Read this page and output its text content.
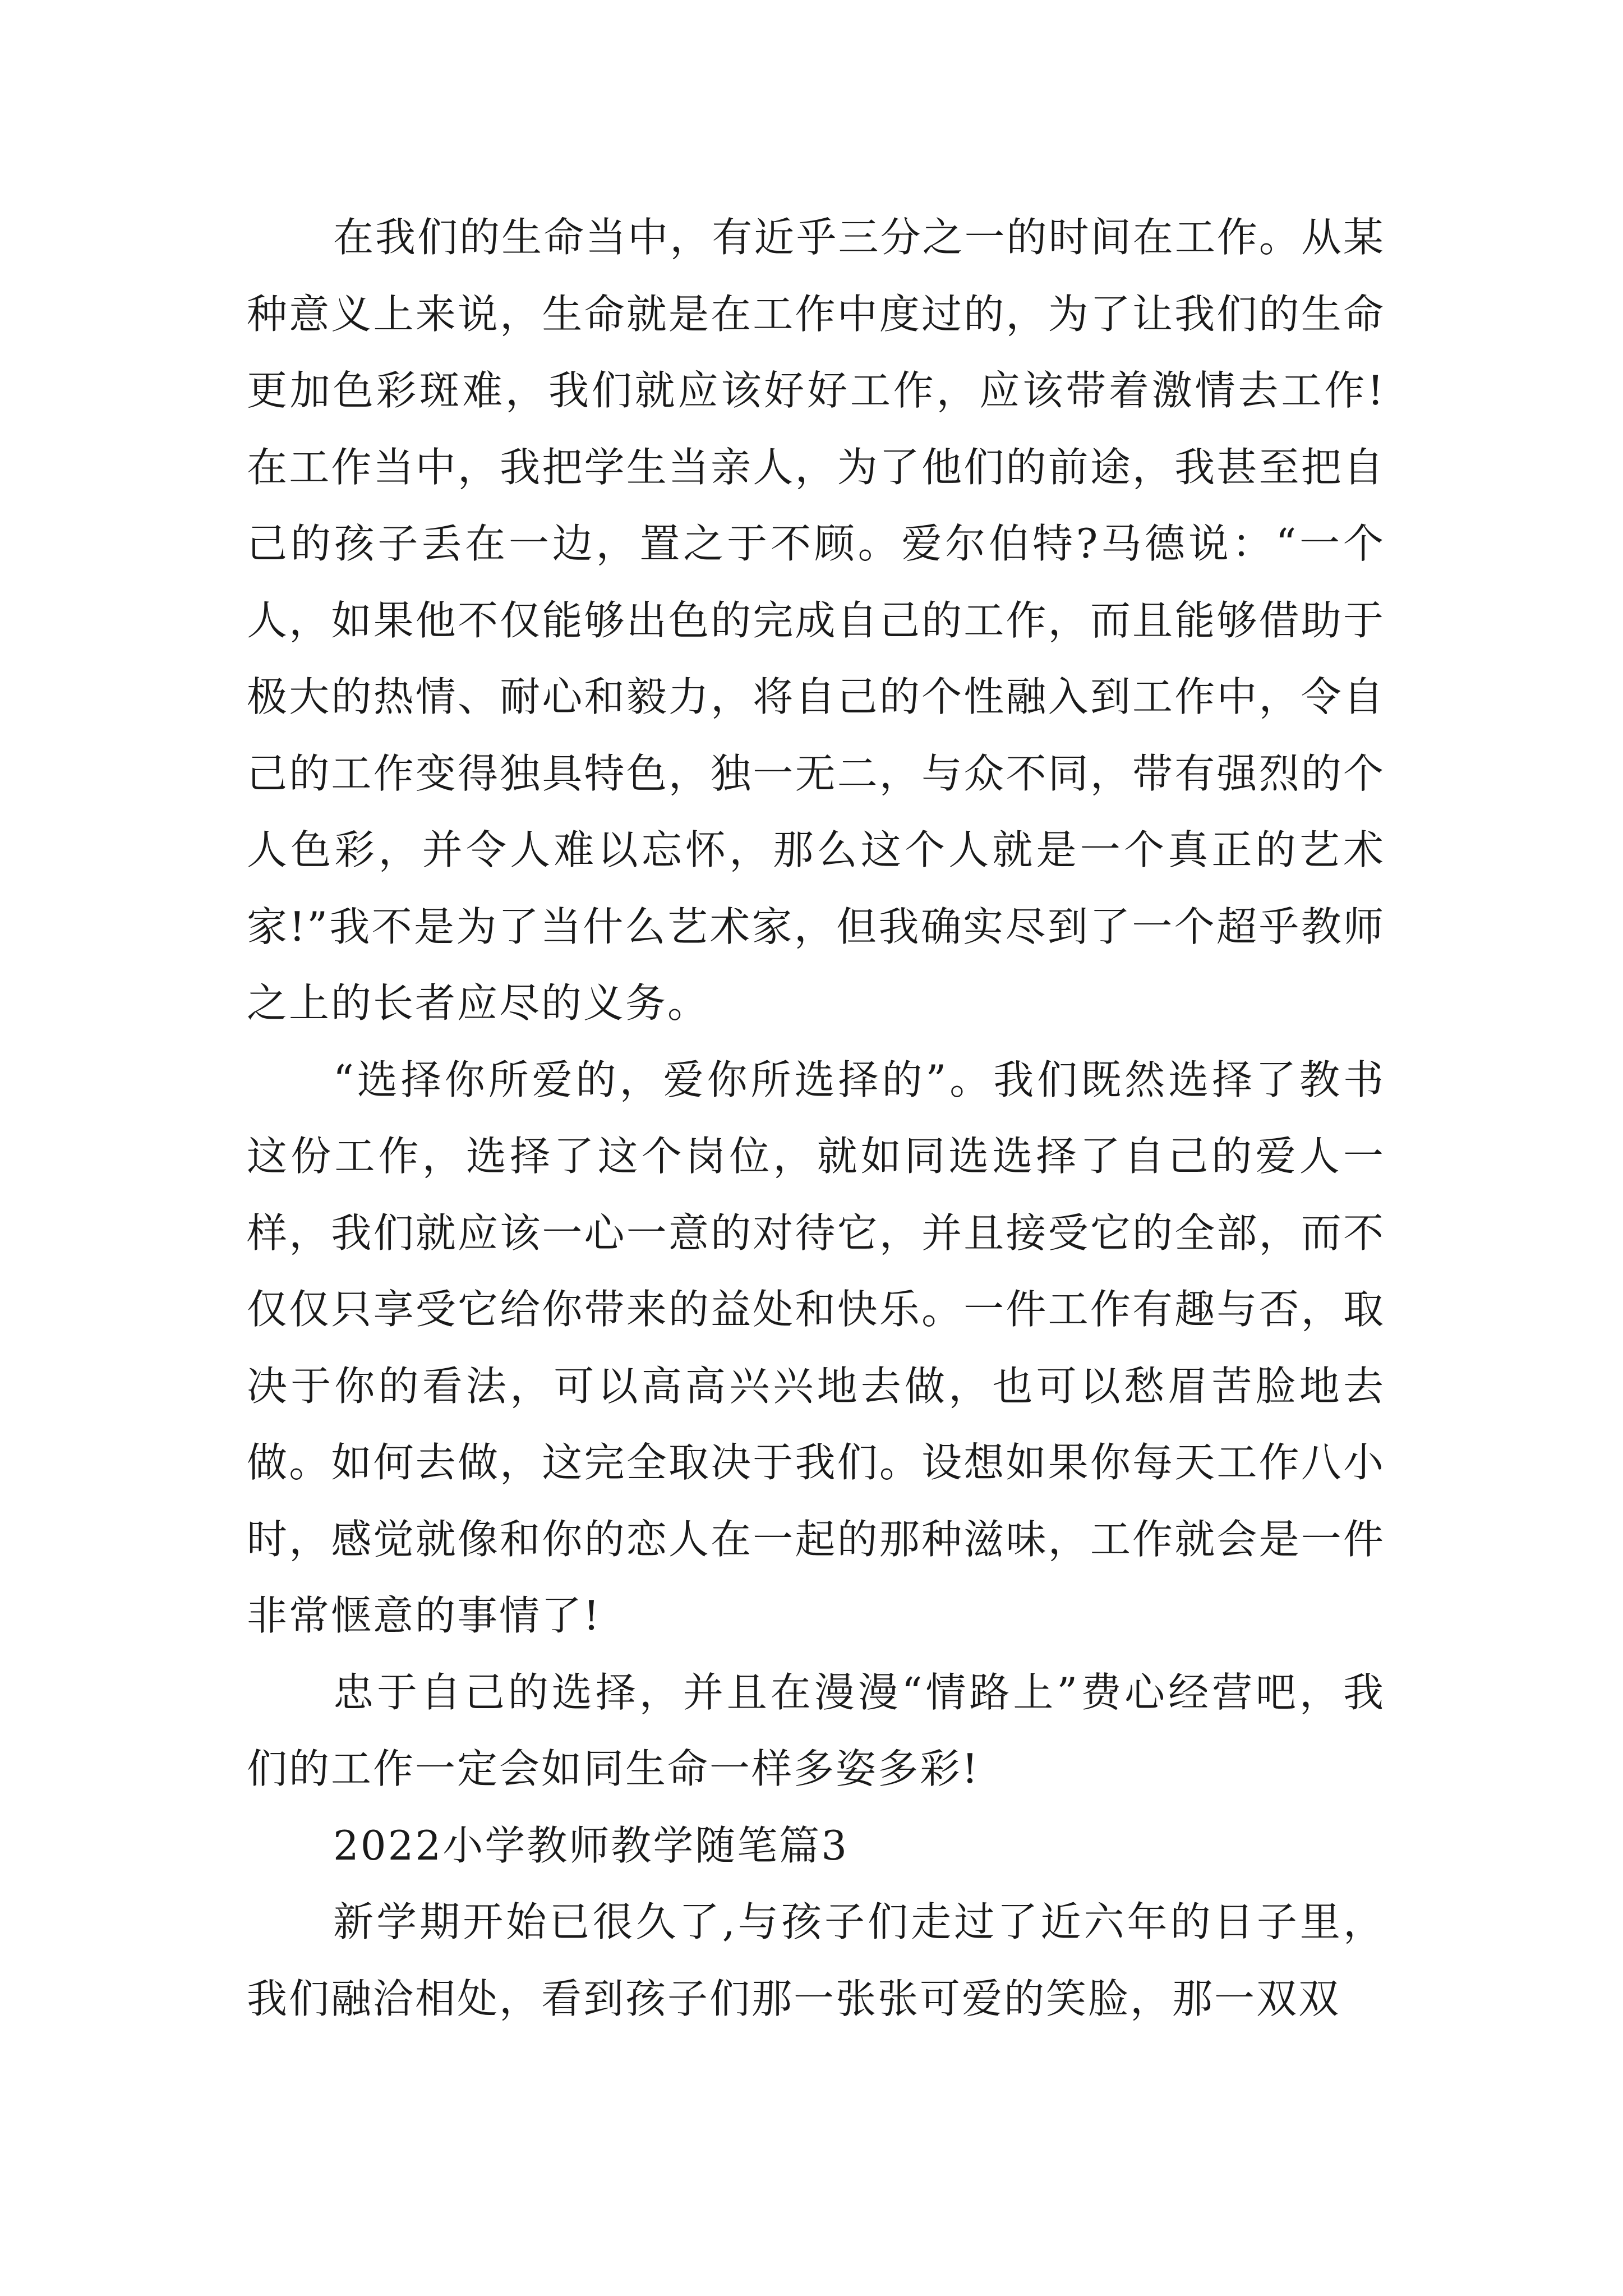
在我们的生命当中，有近乎三分之一的时间在工作。从某种意义上来说，生命就是在工作中度过的，为了让我们的生命更加色彩斑难，我们就应该好好工作，应该带着激情去工作!在工作当中，我把学生当亲人，为了他们的前途，我甚至把自己的孩子丢在一边，置之于不顾。爱尔伯特?马德说：“一个人，如果他不仅能够出色的完成自己的工作，而且能够借助于极大的热情、耐心和毅力，将自己的个性融入到工作中，令自己的工作变得独具特色，独一无二，与众不同，带有强烈的个人色彩，并令人难以忘怀，那么这个人就是一个真正的艺术家!”我不是为了当什么艺术家，但我确实尽到了一个超乎教师之上的长者应尽的义务。

“选择你所爱的，爱你所选择的”。我们既然选择了教书这份工作，选择了这个岗位，就如同选选择了自己的爱人一样，我们就应该一心一意的对待它，并且接受它的全部，而不仅仅只享受它给你带来的益处和快乐。一件工作有趣与否，取决于你的看法，可以高高兴兴地去做，也可以愁眉苦脸地去做。如何去做，这完全取决于我们。设想如果你每天工作八小时，感觉就像和你的恋人在一起的那种滋味，工作就会是一件非常惬意的事情了!

忠于自己的选择，并且在漫漫“情路上”费心经营吧，我们的工作一定会如同生命一样多姿多彩!

2022小学教师教学随笔篇3

新学期开始已很久了,与孩子们走过了近六年的日子里，我们融洽相处，看到孩子们那一张张可爱的笑脸，那一双双
